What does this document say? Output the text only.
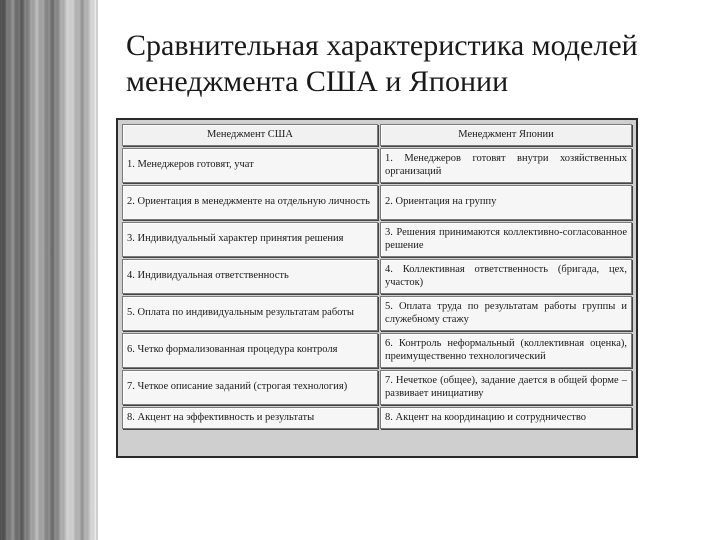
Сравнительная характеристика моделей менеджмента США и Японии
Менеджмент США	Менеджмент Японии
1. Менеджеров готовят, учат	1. Менеджеров готовят внутри хозяйственных организаций
2. Ориентация в менеджменте на отдельную личность	2. Ориентация на группу
3. Индивидуальный характер принятия решения	3. Решения принимаются коллективно-согласованное решение
4. Индивидуальная ответственность	4. Коллективная ответственность (бригада, цех, участок)
5. Оплата по индивидуальным результатам работы	5. Оплата труда по результатам работы группы и служебному стажу
6. Четко формализованная процедура контроля	6. Контроль неформальный (коллективная оценка), преимущественно технологический
7. Четкое описание заданий (строгая технология)	7. Нечеткое (общее), задание дается в общей форме – развивает инициативу
8. Акцент на эффективность и результаты	8. Акцент на координацию и сотрудничество
